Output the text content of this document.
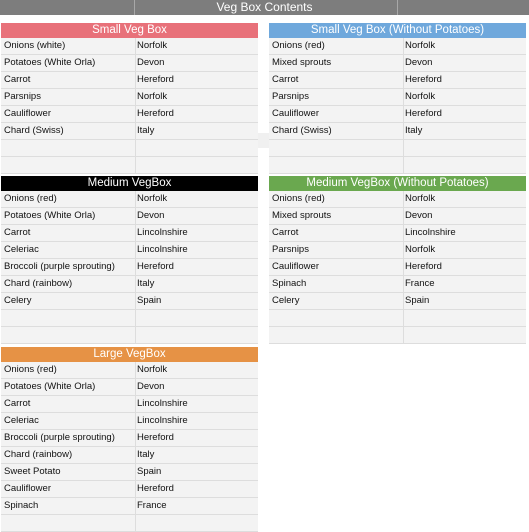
Veg Box Contents
Small Veg Box
Onions (white)	Norfolk
Potatoes (White Orla)	Devon
Carrot	Hereford
Parsnips	Norfolk
Cauliflower	Hereford
Chard (Swiss)	Italy
Small Veg Box (Without Potatoes)
Onions (red)	Norfolk
Mixed sprouts	Devon
Carrot	Hereford
Parsnips	Norfolk
Cauliflower	Hereford
Chard (Swiss)	Italy
Medium VegBox
Onions (red)	Norfolk
Potatoes (White Orla)	Devon
Carrot	Lincolnshire
Celeriac	Lincolnshire
Broccoli (purple sprouting)	Hereford
Chard (rainbow)	Italy
Celery	Spain
Medium VegBox (Without Potatoes)
Onions (red)	Norfolk
Mixed sprouts	Devon
Carrot	Lincolnshire
Parsnips	Norfolk
Cauliflower	Hereford
Spinach	France
Celery	Spain
Large VegBox
Onions (red)	Norfolk
Potatoes (White Orla)	Devon
Carrot	Lincolnshire
Celeriac	Lincolnshire
Broccoli (purple sprouting)	Hereford
Chard (rainbow)	Italy
Sweet Potato	Spain
Cauliflower	Hereford
Spinach	France
